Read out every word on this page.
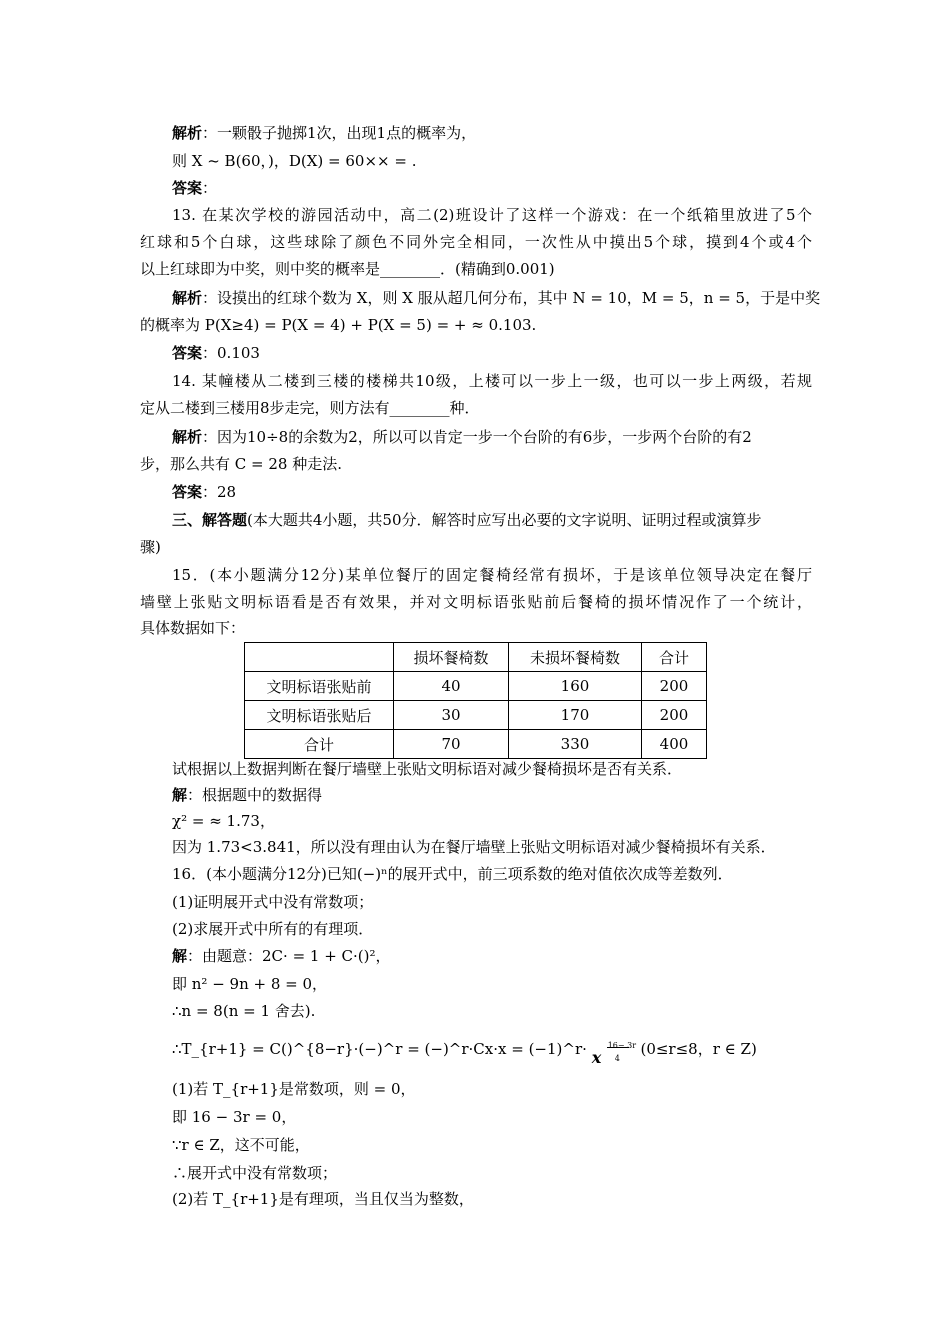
解析：一颗骰子抛掷1次，出现1点的概率为，
则 X ~ B(60，)，D(X) = 60×× = .
答案：
13. 在某次学校的游园活动中，高二(2)班设计了这样一个游戏：在一个纸箱里放进了5个
红球和5个白球，这些球除了颜色不同外完全相同，一次性从中摸出5个球，摸到4个或4个
以上红球即为中奖，则中奖的概率是________．(精确到0.001)
解析：设摸出的红球个数为 X，则 X 服从超几何分布，其中 N = 10，M = 5，n = 5，于是中奖
的概率为 P(X≥4) = P(X = 4) + P(X = 5) = + ≈ 0.103.
答案：0.103
14. 某幢楼从二楼到三楼的楼梯共10级，上楼可以一步上一级，也可以一步上两级，若规
定从二楼到三楼用8步走完，则方法有________种．
解析：因为10÷8的余数为2，所以可以肯定一步一个台阶的有6步，一步两个台阶的有2
步，那么共有 C = 28 种走法.
答案：28
三、解答题(本大题共4小题，共50分．解答时应写出必要的文字说明、证明过程或演算步
骤)
15．(本小题满分12分)某单位餐厅的固定餐椅经常有损坏，于是该单位领导决定在餐厅
墙壁上张贴文明标语看是否有效果，并对文明标语张贴前后餐椅的损坏情况作了一个统计，
具体数据如下：
	损坏餐椅数	未损坏餐椅数	合计
文明标语张贴前	40	160	200
文明标语张贴后	30	170	200
合计	70	330	400
试根据以上数据判断在餐厅墙壁上张贴文明标语对减少餐椅损坏是否有关系．
解：根据题中的数据得
χ² = ≈ 1.73，
因为 1.73<3.841，所以没有理由认为在餐厅墙壁上张贴文明标语对减少餐椅损坏有关系．
16．(本小题满分12分)已知(−)ⁿ的展开式中，前三项系数的绝对值依次成等差数列．
(1)证明展开式中没有常数项；
(2)求展开式中所有的有理项．
解：由题意：2C· = 1 + C·()²，
即 n² − 9n + 8 = 0，
∴n = 8(n = 1 舍去).
∴T_{r+1} = C()^{8−r}·(−)^r = (−)^r·Cx·x = (−1)^r· x
16− 3r
4
(0≤r≤8，r ∈ Z)
(1)若 T_{r+1}是常数项，则 = 0，
即 16 − 3r = 0，
∵r ∈ Z，这不可能，
∴展开式中没有常数项；
(2)若 T_{r+1}是有理项，当且仅当为整数，
